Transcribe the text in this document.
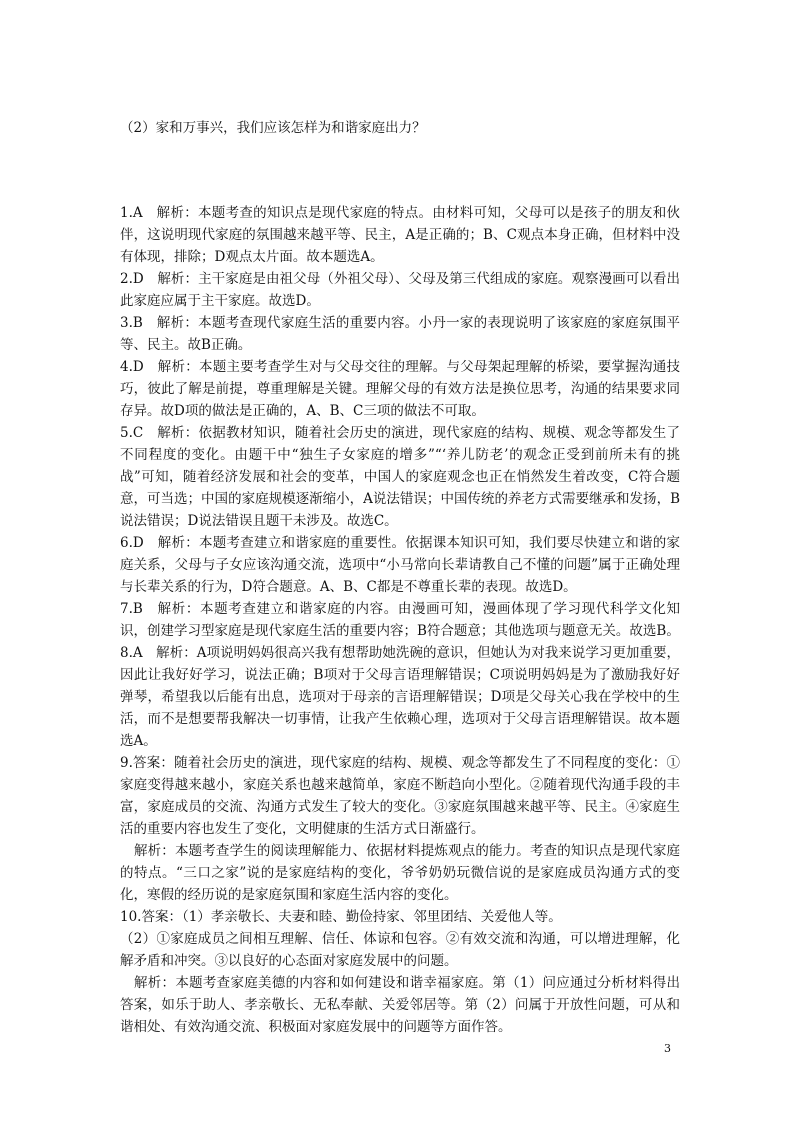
（2）家和万事兴，我们应该怎样为和谐家庭出力？

1.A　解析：本题考查的知识点是现代家庭的特点。由材料可知，父母可以是孩子的朋友和伙伴，这说明现代家庭的氛围越来越平等、民主，A是正确的；B、C观点本身正确，但材料中没有体现，排除；D观点太片面。故本题选A。

2.D　解析：主干家庭是由祖父母（外祖父母）、父母及第三代组成的家庭。观察漫画可以看出此家庭应属于主干家庭。故选D。

3.B　解析：本题考查现代家庭生活的重要内容。小丹一家的表现说明了该家庭的家庭氛围平等、民主。故B正确。

4.D　解析：本题主要考查学生对与父母交往的理解。与父母架起理解的桥梁，要掌握沟通技巧，彼此了解是前提，尊重理解是关键。理解父母的有效方法是换位思考，沟通的结果要求同存异。故D项的做法是正确的，A、B、C三项的做法不可取。

5.C　解析：依据教材知识，随着社会历史的演进，现代家庭的结构、规模、观念等都发生了不同程度的变化。由题干中“独生子女家庭的增多”“‘养儿防老’的观念正受到前所未有的挑战”可知，随着经济发展和社会的变革，中国人的家庭观念也正在悄然发生着改变，C符合题意，可当选；中国的家庭规模逐渐缩小，A说法错误；中国传统的养老方式需要继承和发扬，B说法错误；D说法错误且题干未涉及。故选C。

6.D　解析：本题考查建立和谐家庭的重要性。依据课本知识可知，我们要尽快建立和谐的家庭关系，父母与子女应该沟通交流，选项中“小马常向长辈请教自己不懂的问题”属于正确处理与长辈关系的行为，D符合题意。A、B、C都是不尊重长辈的表现。故选D。

7.B　解析：本题考查建立和谐家庭的内容。由漫画可知，漫画体现了学习现代科学文化知识，创建学习型家庭是现代家庭生活的重要内容；B符合题意；其他选项与题意无关。故选B。

8.A　解析：A项说明妈妈很高兴我有想帮助她洗碗的意识，但她认为对我来说学习更加重要，因此让我好好学习，说法正确；B项对于父母言语理解错误；C项说明妈妈是为了激励我好好弹琴，希望我以后能有出息，选项对于母亲的言语理解错误；D项是父母关心我在学校中的生活，而不是想要帮我解决一切事情，让我产生依赖心理，选项对于父母言语理解错误。故本题选A。

9.答案：随着社会历史的演进，现代家庭的结构、规模、观念等都发生了不同程度的变化：①家庭变得越来越小，家庭关系也越来越简单，家庭不断趋向小型化。②随着现代沟通手段的丰富，家庭成员的交流、沟通方式发生了较大的变化。③家庭氛围越来越平等、民主。④家庭生活的重要内容也发生了变化，文明健康的生活方式日渐盛行。

解析：本题考查学生的阅读理解能力、依据材料提炼观点的能力。考查的知识点是现代家庭的特点。“三口之家”说的是家庭结构的变化，爷爷奶奶玩微信说的是家庭成员沟通方式的变化，寒假的经历说的是家庭氛围和家庭生活内容的变化。

10.答案：（1）孝亲敬长、夫妻和睦、勤俭持家、邻里团结、关爱他人等。

（2）①家庭成员之间相互理解、信任、体谅和包容。②有效交流和沟通，可以增进理解，化解矛盾和冲突。③以良好的心态面对家庭发展中的问题。

解析：本题考查家庭美德的内容和如何建设和谐幸福家庭。第（1）问应通过分析材料得出答案，如乐于助人、孝亲敬长、无私奉献、关爱邻居等。第（2）问属于开放性问题，可从和谐相处、有效沟通交流、积极面对家庭发展中的问题等方面作答。

3
